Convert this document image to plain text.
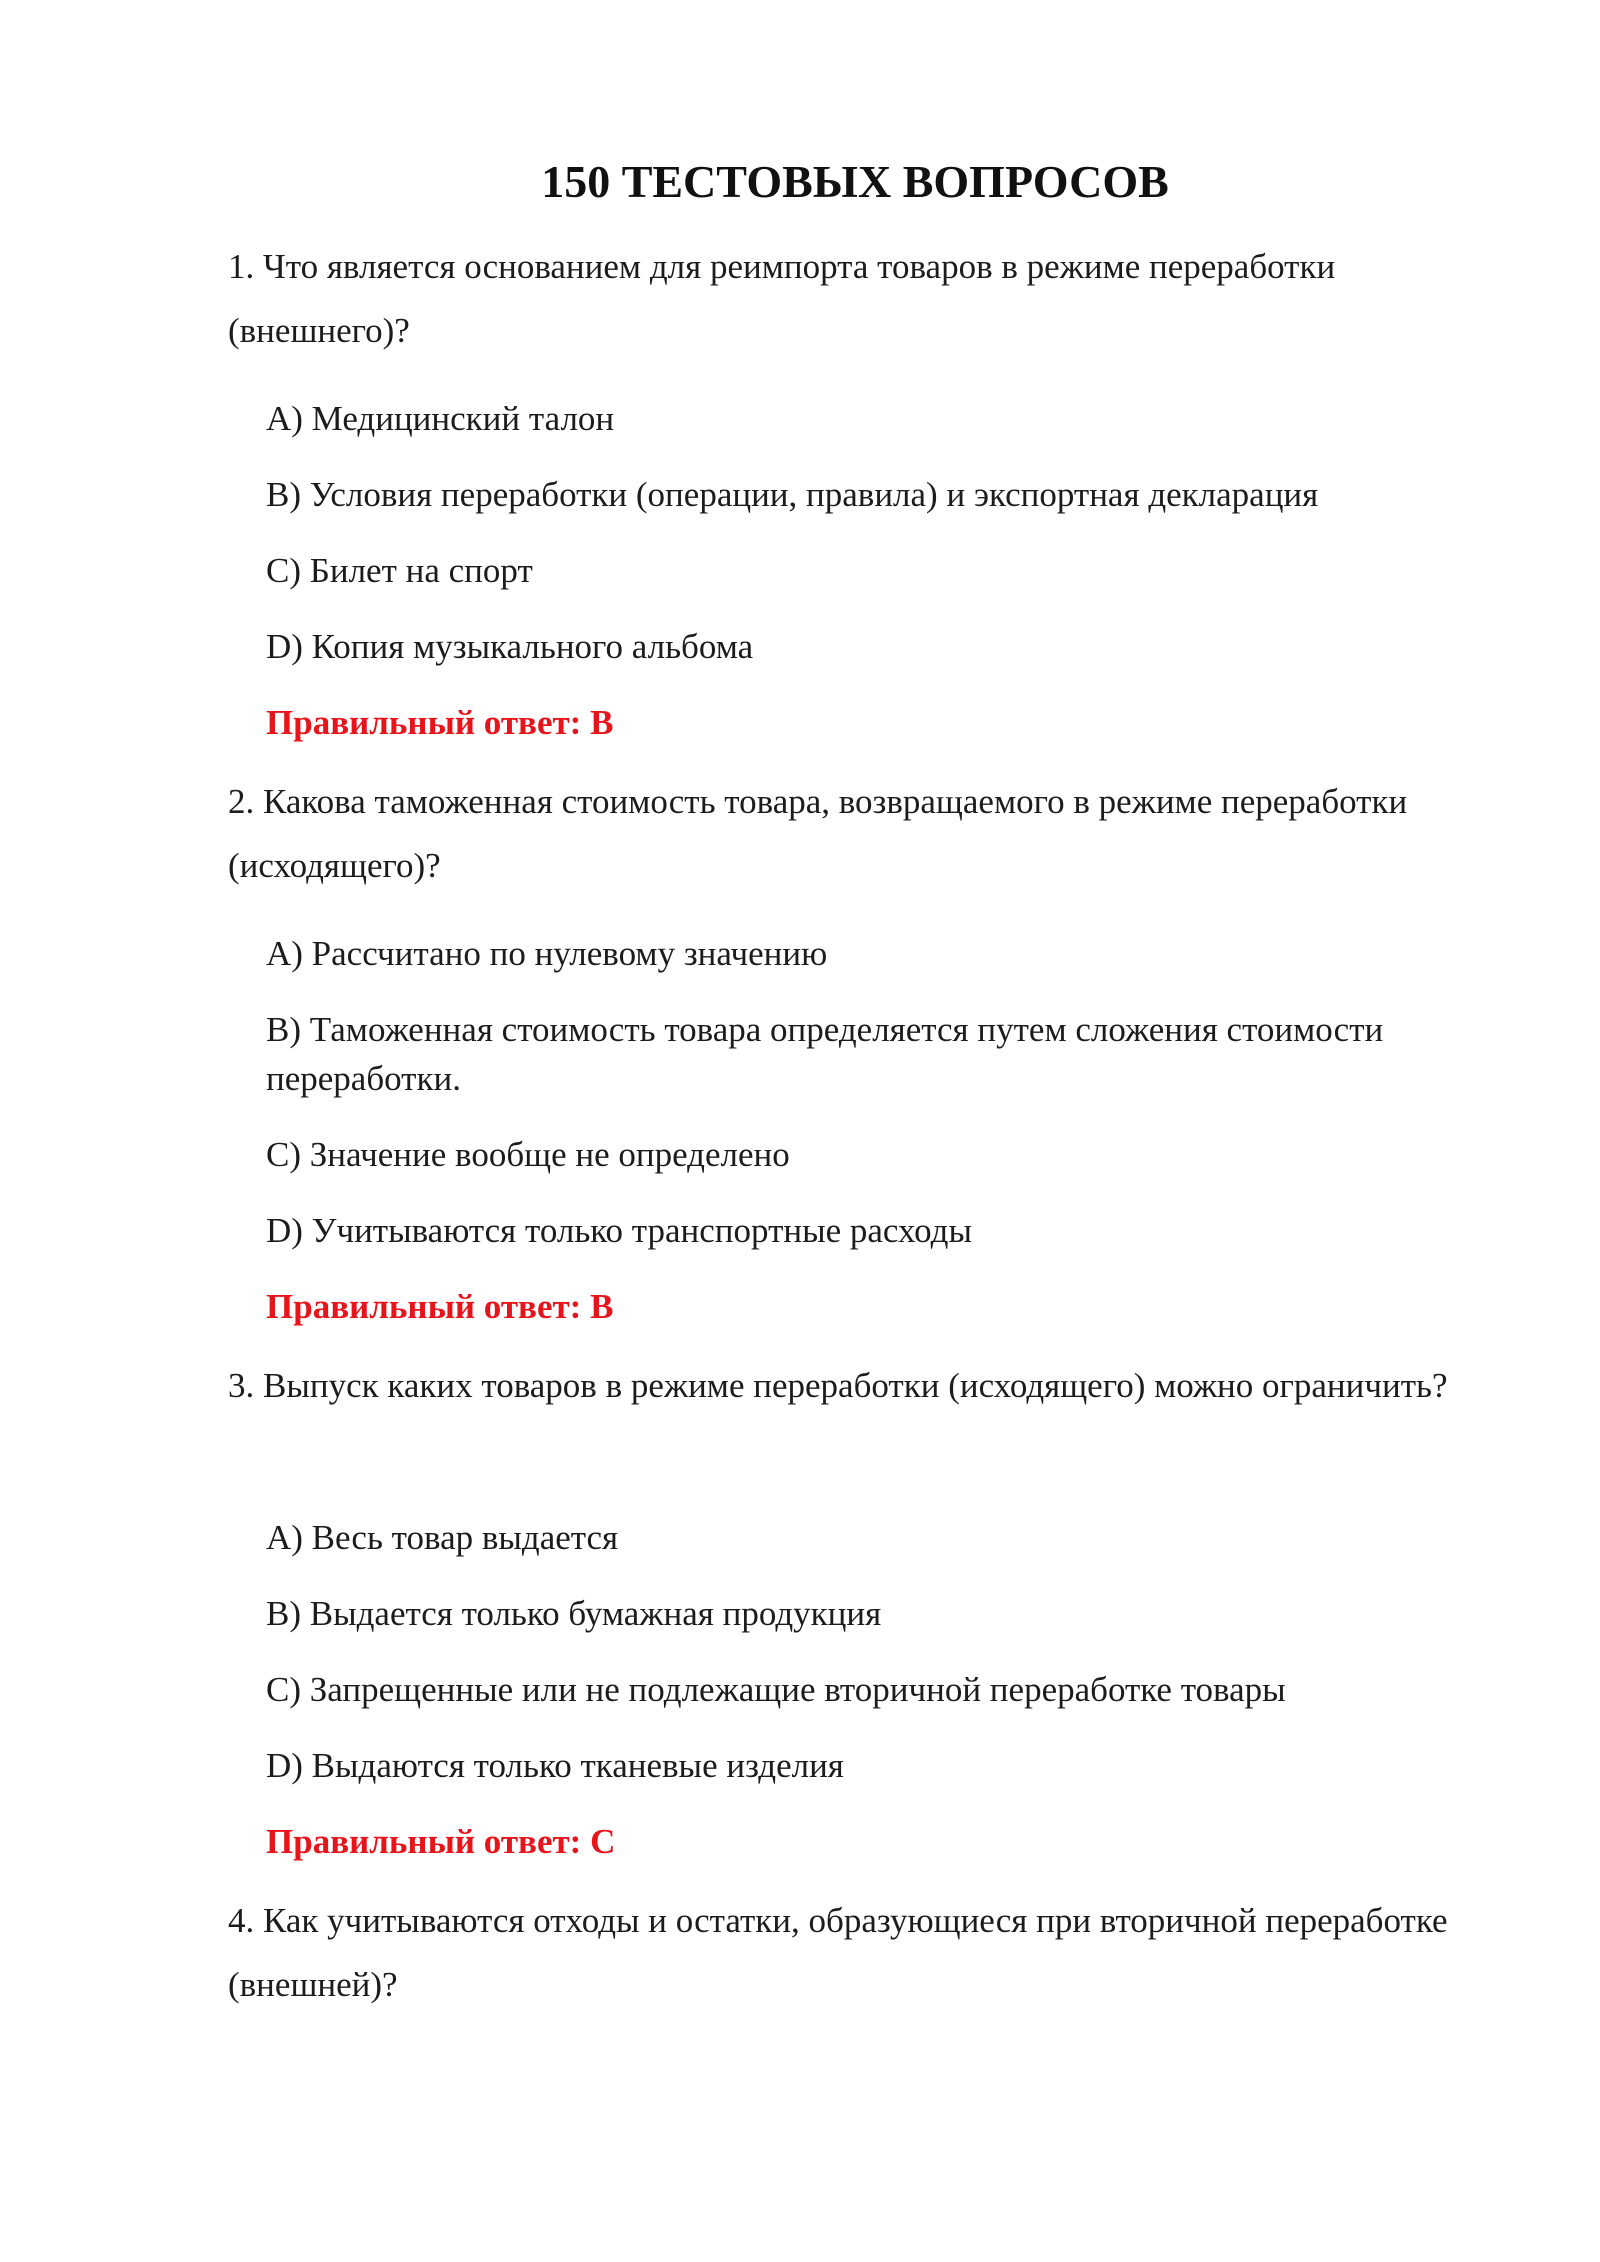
150 ТЕСТОВЫХ ВОПРОСОВ
1. Что является основанием для реимпорта товаров в режиме переработки (внешнего)?
A) Медицинский талон
B) Условия переработки (операции, правила) и экспортная декларация
C) Билет на спорт
D) Копия музыкального альбома
Правильный ответ: B
2. Какова таможенная стоимость товара, возвращаемого в режиме переработки (исходящего)?
A) Рассчитано по нулевому значению
B) Таможенная стоимость товара определяется путем сложения стоимости переработки.
C) Значение вообще не определено
D) Учитываются только транспортные расходы
Правильный ответ: B
3. Выпуск каких товаров в режиме переработки (исходящего) можно ограничить?
A) Весь товар выдается
B) Выдается только бумажная продукция
C) Запрещенные или не подлежащие вторичной переработке товары
D) Выдаются только тканевые изделия
Правильный ответ: C
4. Как учитываются отходы и остатки, образующиеся при вторичной переработке (внешней)?
